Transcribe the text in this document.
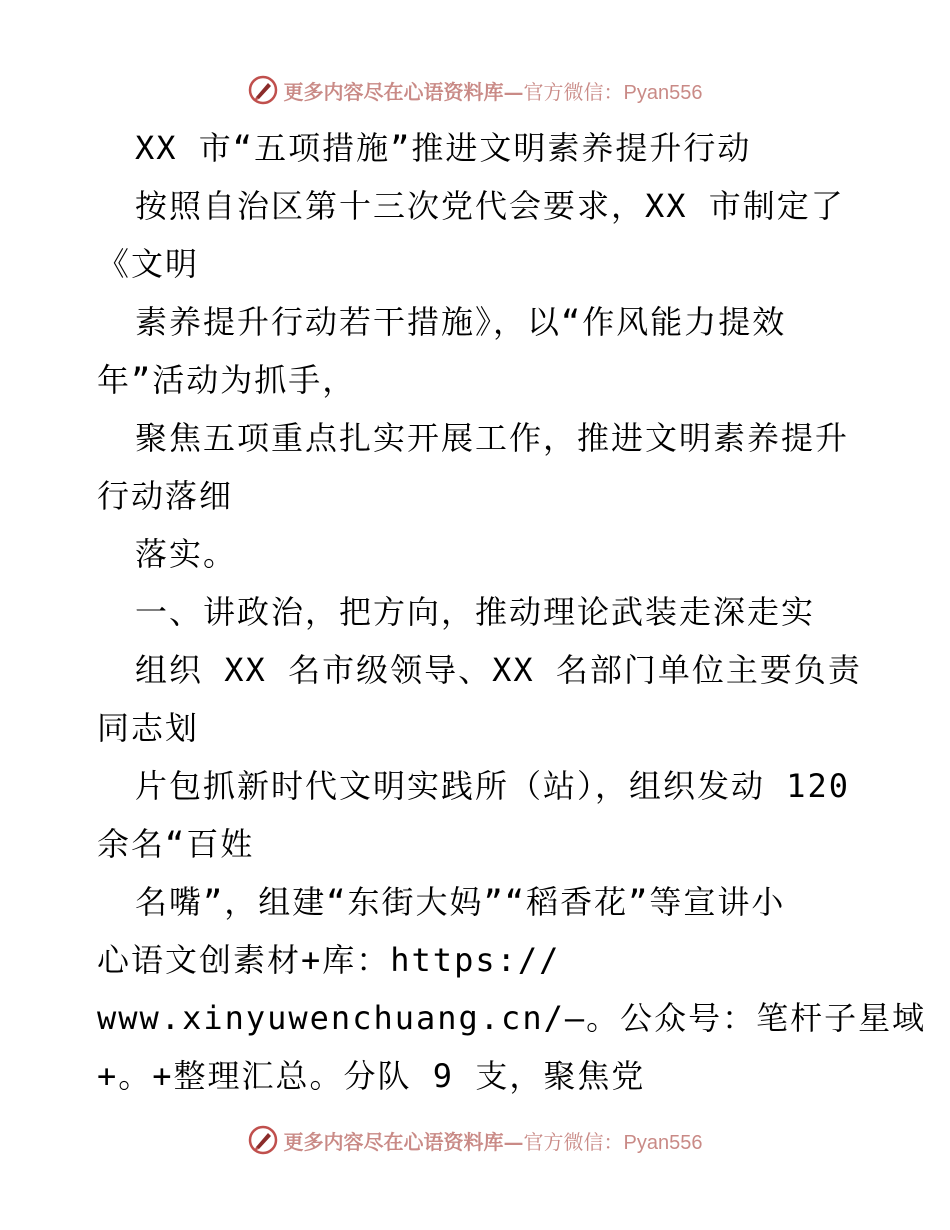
更多内容尽在心语资料库—官方微信：Pyan556
XX 市“五项措施”推进文明素养提升行动
按照自治区第十三次党代会要求，XX 市制定了
《文明
素养提升行动若干措施》，以“作风能力提效
年”活动为抓手，
聚焦五项重点扎实开展工作，推进文明素养提升
行动落细
落实。
一、讲政治，把方向，推动理论武装走深走实
组织 XX 名市级领导、XX 名部门单位主要负责
同志划
片包抓新时代文明实践所（站），组织发动 120
余名“百姓
名嘴”，组建“东街大妈”“稻香花”等宣讲小
心语文创素材+库：https://
www.xinyuwenchuang.cn/—。公众号：笔杆子星域
+。+整理汇总。分队 9 支，聚焦党
更多内容尽在心语资料库—官方微信：Pyan556
